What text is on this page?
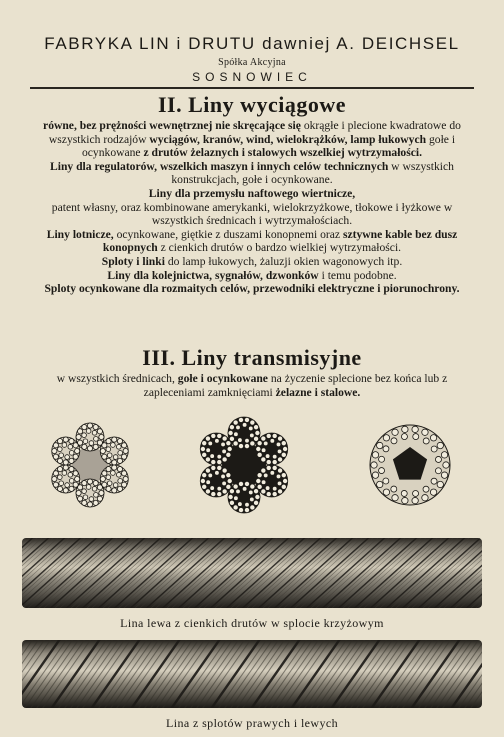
FABRYKA LIN i DRUTU dawniej A. DEICHSEL
Spółka Akcyjna
SOSNOWIEC
II. Liny wyciągowe

równe, bez prężności wewnętrznej nie skręcające się okrągłe i plecione kwadratowe do wszystkich rodzajów wyciągów, kranów, wind, wielokrążków, lamp łukowych gołe i ocynkowane z drutów żelaznych i stalowych wszelkiej wytrzymałości.

Liny dla regulatorów, wszelkich maszyn i innych celów technicznych w wszystkich konstrukcjach, gołe i ocynkowane.

Liny dla przemysłu naftowego wiertnicze,
patent własny, oraz kombinowane amerykanki, wielokrzyżkowe, tłokowe i łyżkowe w wszystkich średnicach i wytrzymałościach.

Liny lotnicze, ocynkowane, giętkie z duszami konopnemi oraz sztywne kable bez dusz konopnych z cienkich drutów o bardzo wielkiej wytrzymałości.

Sploty i linki do lamp łukowych, żaluzji okien wagonowych itp.

Liny dla kolejnictwa, sygnałów, dzwonków i temu podobne.

Sploty ocynkowane dla rozmaitych celów, przewodniki elektryczne i piorunochrony.

III. Liny transmisyjne

w wszystkich średnicach, gołe i ocynkowane na życzenie splecione bez końca lub z zapleceniami zamknięciami żelazne i stalowe.

Lina lewa z cienkich drutów w splocie krzyżowym
Lina z splotów prawych i lewych
